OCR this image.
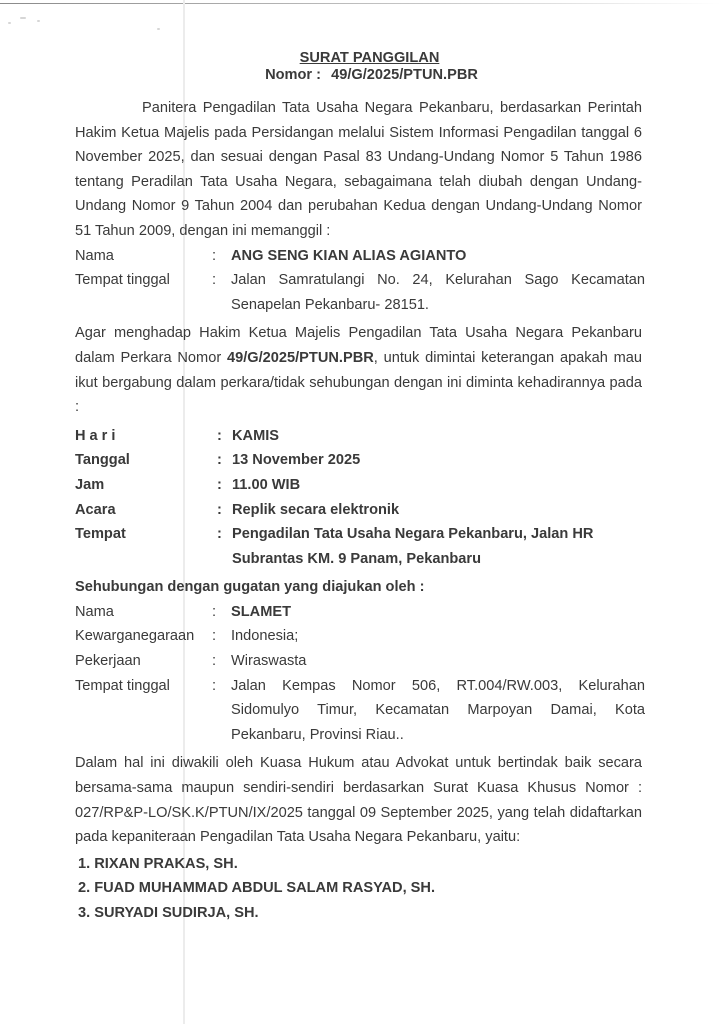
SURAT PANGGILAN
Nomor : 49/G/2025/PTUN.PBR
Panitera Pengadilan Tata Usaha Negara Pekanbaru, berdasarkan Perintah Hakim Ketua Majelis pada Persidangan melalui Sistem Informasi Pengadilan tanggal 6 November 2025, dan sesuai dengan Pasal 83 Undang-Undang Nomor 5 Tahun 1986 tentang Peradilan Tata Usaha Negara, sebagaimana telah diubah dengan Undang-Undang Nomor 9 Tahun 2004 dan perubahan Kedua dengan Undang-Undang Nomor 51 Tahun 2009, dengan ini memanggil :
Nama	:	ANG SENG KIAN ALIAS AGIANTO
Tempat tinggal	:	Jalan Samratulangi No. 24, Kelurahan Sago Kecamatan Senapelan Pekanbaru- 28151.
Agar menghadap Hakim Ketua Majelis Pengadilan Tata Usaha Negara Pekanbaru dalam Perkara Nomor 49/G/2025/PTUN.PBR, untuk dimintai keterangan apakah mau ikut bergabung dalam perkara/tidak sehubungan dengan ini diminta kehadirannya pada :
Hari	: KAMIS
Tanggal	: 13 November 2025
Jam	: 11.00 WIB
Acara	: Replik secara elektronik
Tempat	: Pengadilan Tata Usaha Negara Pekanbaru, Jalan HR Subrantas KM. 9 Panam, Pekanbaru
Sehubungan dengan gugatan yang diajukan oleh :
Nama	:	SLAMET
Kewarganegaraan	:	Indonesia;
Pekerjaan	:	Wiraswasta
Tempat tinggal	:	Jalan Kempas Nomor 506, RT.004/RW.003, Kelurahan Sidomulyo Timur, Kecamatan Marpoyan Damai, Kota Pekanbaru, Provinsi Riau..
Dalam hal ini diwakili oleh Kuasa Hukum atau Advokat untuk bertindak baik secara bersama-sama maupun sendiri-sendiri berdasarkan Surat Kuasa Khusus Nomor : 027/RP&P-LO/SK.K/PTUN/IX/2025 tanggal 09 September 2025, yang telah didaftarkan pada kepaniteraan Pengadilan Tata Usaha Negara Pekanbaru, yaitu:
1. RIXAN PRAKAS, SH.
2. FUAD MUHAMMAD ABDUL SALAM RASYAD, SH.
3. SURYADI SUDIRJA, SH.
